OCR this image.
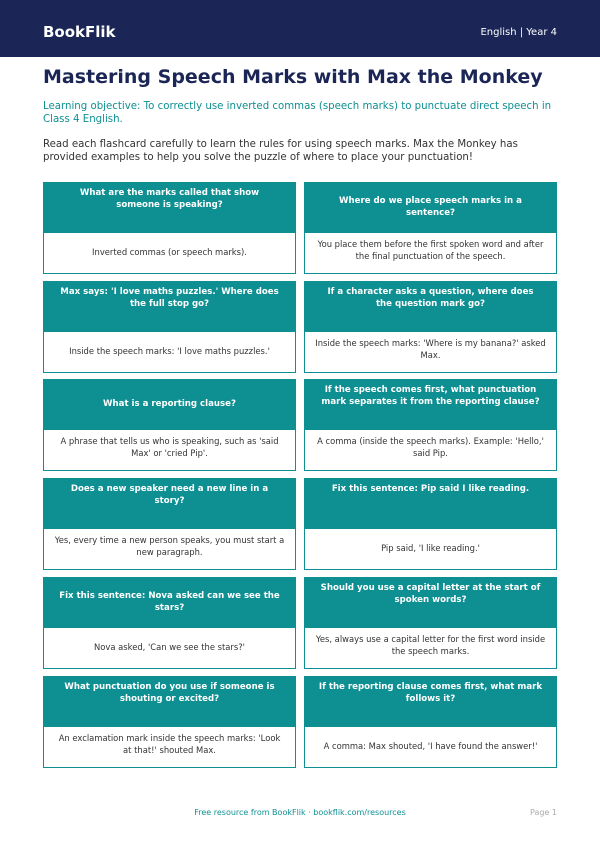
BookFlik	English | Year 4
Mastering Speech Marks with Max the Monkey

Learning objective: To correctly use inverted commas (speech marks) to punctuate direct speech in Class 4 English.

Read each flashcard carefully to learn the rules for using speech marks. Max the Monkey has provided examples to help you solve the puzzle of where to place your punctuation!

What are the marks called that show someone is speaking?
Inverted commas (or speech marks).
Where do we place speech marks in a sentence?
You place them before the first spoken word and after the final punctuation of the speech.
Max says: 'I love maths puzzles.' Where does the full stop go?
Inside the speech marks: 'I love maths puzzles.'
If a character asks a question, where does the question mark go?
Inside the speech marks: 'Where is my banana?' asked Max.
What is a reporting clause?
A phrase that tells us who is speaking, such as 'said Max' or 'cried Pip'.
If the speech comes first, what punctuation mark separates it from the reporting clause?
A comma (inside the speech marks). Example: 'Hello,' said Pip.
Does a new speaker need a new line in a story?
Yes, every time a new person speaks, you must start a new paragraph.
Fix this sentence: Pip said I like reading.
Pip said, 'I like reading.'
Fix this sentence: Nova asked can we see the stars?
Nova asked, 'Can we see the stars?'
Should you use a capital letter at the start of spoken words?
Yes, always use a capital letter for the first word inside the speech marks.
What punctuation do you use if someone is shouting or excited?
An exclamation mark inside the speech marks: 'Look at that!' shouted Max.
If the reporting clause comes first, what mark follows it?
A comma: Max shouted, 'I have found the answer!'
Free resource from BookFlik · bookflik.com/resources	Page 1
